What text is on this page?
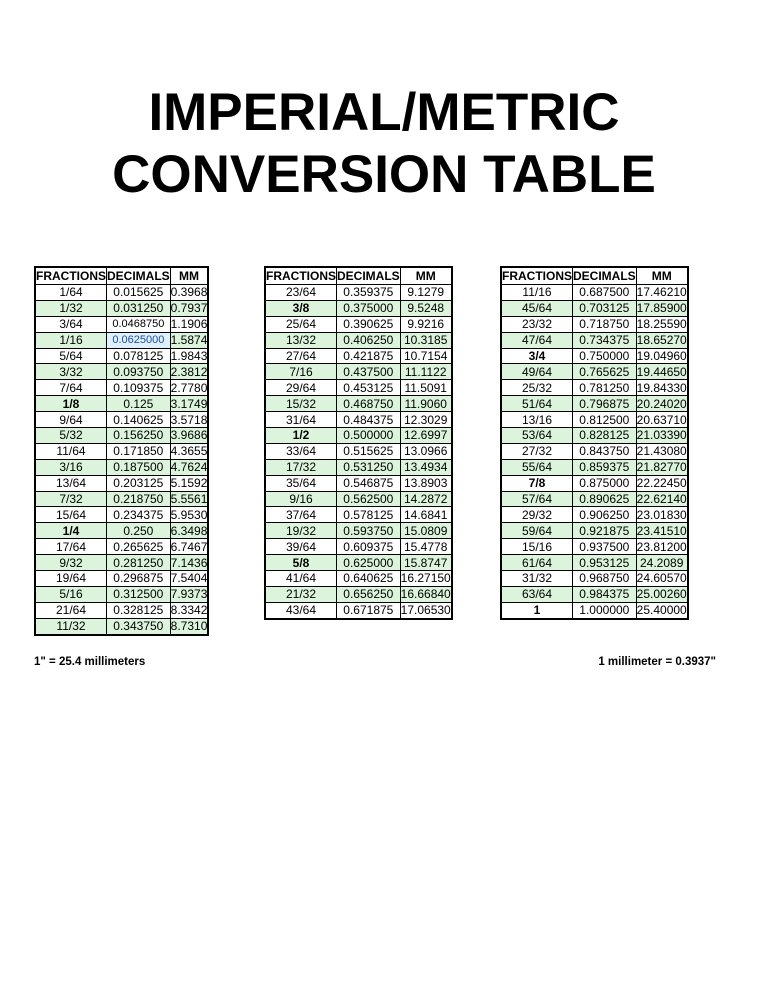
IMPERIAL/METRIC
CONVERSION TABLE
FRACTIONS	DECIMALS	MM
1/64	0.015625	0.3968
1/32	0.031250	0.7937
3/64	0.0468750	1.1906
1/16	0.0625000	1.5874
5/64	0.078125	1.9843
3/32	0.093750	2.3812
7/64	0.109375	2.7780
1/8	0.125	3.1749
9/64	0.140625	3.5718
5/32	0.156250	3.9686
11/64	0.171850	4.3655
3/16	0.187500	4.7624
13/64	0.203125	5.1592
7/32	0.218750	5.5561
15/64	0.234375	5.9530
1/4	0.250	6.3498
17/64	0.265625	6.7467
9/32	0.281250	7.1436
19/64	0.296875	7.5404
5/16	0.312500	7.9373
21/64	0.328125	8.3342
11/32	0.343750	8.7310
FRACTIONS	DECIMALS	MM
23/64	0.359375	9.1279
3/8	0.375000	9.5248
25/64	0.390625	9.9216
13/32	0.406250	10.3185
27/64	0.421875	10.7154
7/16	0.437500	11.1122
29/64	0.453125	11.5091
15/32	0.468750	11.9060
31/64	0.484375	12.3029
1/2	0.500000	12.6997
33/64	0.515625	13.0966
17/32	0.531250	13.4934
35/64	0.546875	13.8903
9/16	0.562500	14.2872
37/64	0.578125	14.6841
19/32	0.593750	15.0809
39/64	0.609375	15.4778
5/8	0.625000	15.8747
41/64	0.640625	16.27150
21/32	0.656250	16.66840
43/64	0.671875	17.06530
FRACTIONS	DECIMALS	MM
11/16	0.687500	17.46210
45/64	0.703125	17.85900
23/32	0.718750	18.25590
47/64	0.734375	18.65270
3/4	0.750000	19.04960
49/64	0.765625	19.44650
25/32	0.781250	19.84330
51/64	0.796875	20.24020
13/16	0.812500	20.63710
53/64	0.828125	21.03390
27/32	0.843750	21.43080
55/64	0.859375	21.82770
7/8	0.875000	22.22450
57/64	0.890625	22.62140
29/32	0.906250	23.01830
59/64	0.921875	23.41510
15/16	0.937500	23.81200
61/64	0.953125	24.2089
31/32	0.968750	24.60570
63/64	0.984375	25.00260
1	1.000000	25.40000
1" = 25.4 millimeters	1 millimeter = 0.3937"
